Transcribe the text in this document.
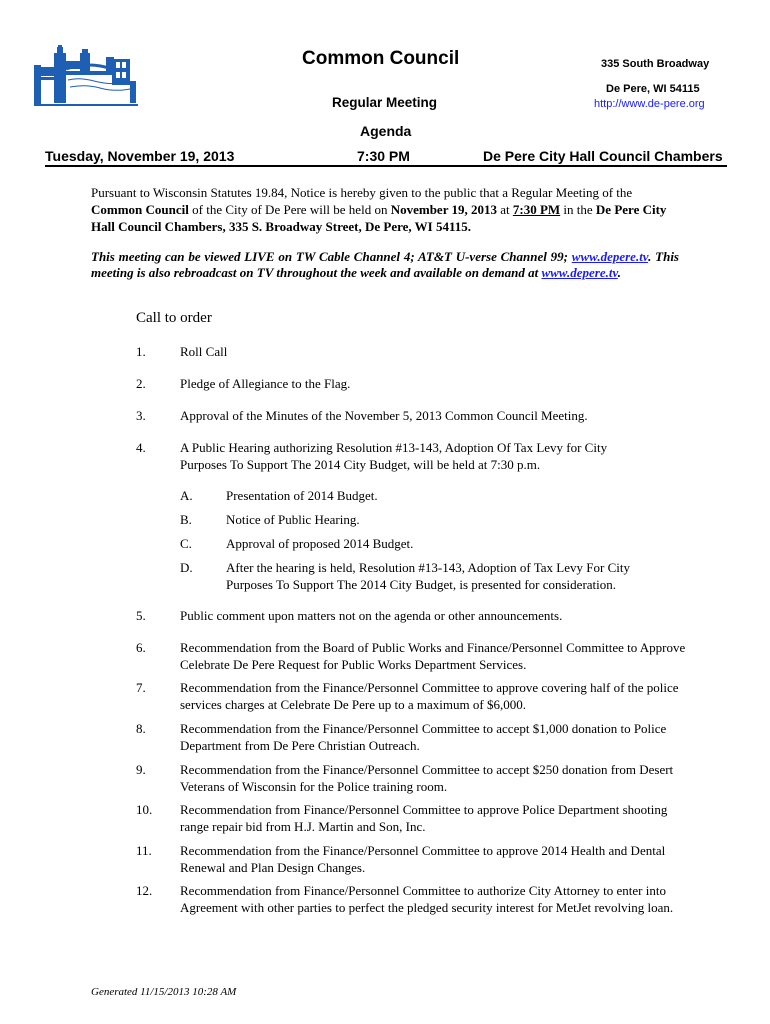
Common Council	335 South Broadway
De Pere, WI 54115
http://www.de-pere.org
Regular Meeting
Agenda
Tuesday, November 19, 2013	7:30 PM	De Pere City Hall Council Chambers
Pursuant to Wisconsin Statutes 19.84, Notice is hereby given to the public that a Regular Meeting of the Common Council of the City of De Pere will be held on November 19, 2013 at 7:30 PM in the De Pere City Hall Council Chambers, 335 S. Broadway Street, De Pere, WI 54115.
This meeting can be viewed LIVE on TW Cable Channel 4; AT&T U-verse Channel 99; www.depere.tv. This meeting is also rebroadcast on TV throughout the week and available on demand at www.depere.tv.
Call to order
1.	Roll Call
2.	Pledge of Allegiance to the Flag.
3.	Approval of the Minutes of the November 5, 2013 Common Council Meeting.
4.	A Public Hearing authorizing Resolution #13-143, Adoption Of Tax Levy for City Purposes To Support The 2014 City Budget, will be held at 7:30 p.m.
A.	Presentation of 2014 Budget.
B.	Notice of Public Hearing.
C.	Approval of proposed 2014 Budget.
D.	After the hearing is held, Resolution #13-143, Adoption of Tax Levy For City Purposes To Support The 2014 City Budget, is presented for consideration.
5.	Public comment upon matters not on the agenda or other announcements.
6.	Recommendation from the Board of Public Works and Finance/Personnel Committee to Approve Celebrate De Pere Request for Public Works Department Services.
7.	Recommendation from the Finance/Personnel Committee to approve covering half of the police services charges at Celebrate De Pere up to a maximum of $6,000.
8.	Recommendation from the Finance/Personnel Committee to accept $1,000 donation to Police Department from De Pere Christian Outreach.
9.	Recommendation from the Finance/Personnel Committee to accept $250 donation from Desert Veterans of Wisconsin for the Police training room.
10. Recommendation from Finance/Personnel Committee to approve Police Department shooting range repair bid from H.J. Martin and Son, Inc.
11. Recommendation from the Finance/Personnel Committee to approve 2014 Health and Dental Renewal and Plan Design Changes.
12. Recommendation from Finance/Personnel Committee to authorize City Attorney to enter into Agreement with other parties to perfect the pledged security interest for MetJet revolving loan.
Generated 11/15/2013 10:28 AM
